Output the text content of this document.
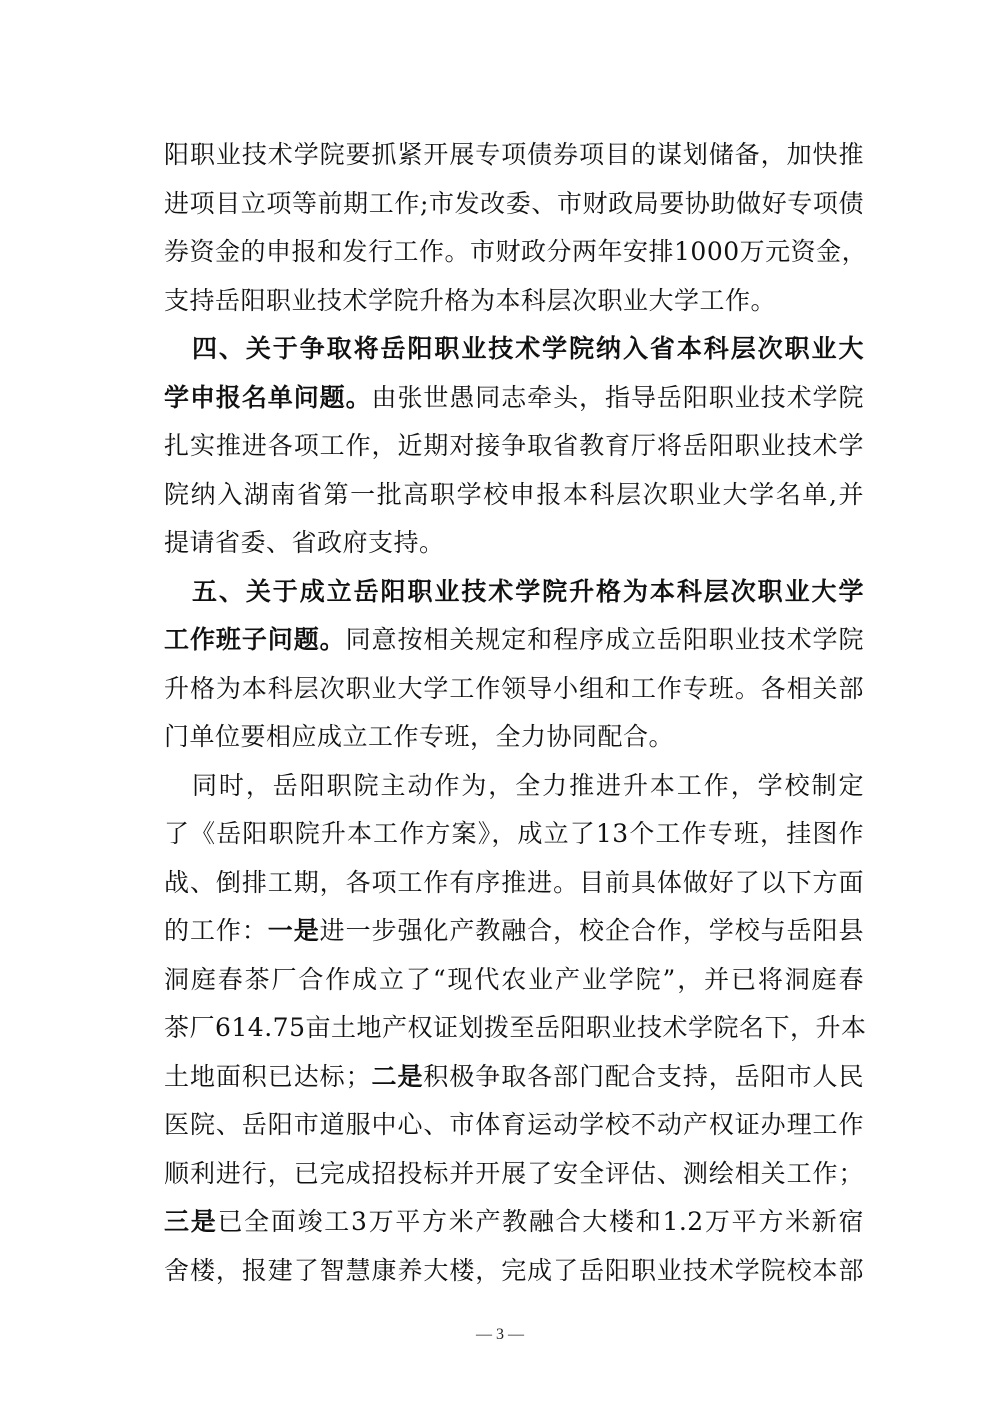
阳职业技术学院要抓紧开展专项债券项目的谋划储备，加快推
进项目立项等前期工作;市发改委、市财政局要协助做好专项债
券资金的申报和发行工作。市财政分两年安排1000万元资金，
支持岳阳职业技术学院升格为本科层次职业大学工作。
四、关于争取将岳阳职业技术学院纳入省本科层次职业大
学申报名单问题。由张世愚同志牵头，指导岳阳职业技术学院
扎实推进各项工作，近期对接争取省教育厅将岳阳职业技术学
院纳入湖南省第一批高职学校申报本科层次职业大学名单,并
提请省委、省政府支持。
五、关于成立岳阳职业技术学院升格为本科层次职业大学
工作班子问题。同意按相关规定和程序成立岳阳职业技术学院
升格为本科层次职业大学工作领导小组和工作专班。各相关部
门单位要相应成立工作专班，全力协同配合。
同时，岳阳职院主动作为，全力推进升本工作，学校制定
了《岳阳职院升本工作方案》，成立了13个工作专班，挂图作
战、倒排工期，各项工作有序推进。目前具体做好了以下方面
的工作：一是进一步强化产教融合，校企合作，学校与岳阳县
洞庭春茶厂合作成立了“现代农业产业学院”，并已将洞庭春
茶厂614.75亩土地产权证划拨至岳阳职业技术学院名下，升本
土地面积已达标；二是积极争取各部门配合支持，岳阳市人民
医院、岳阳市道服中心、市体育运动学校不动产权证办理工作
顺利进行，已完成招投标并开展了安全评估、测绘相关工作；
三是已全面竣工3万平方米产教融合大楼和1.2万平方米新宿
舍楼，报建了智慧康养大楼，完成了岳阳职业技术学院校本部
— 3 —
